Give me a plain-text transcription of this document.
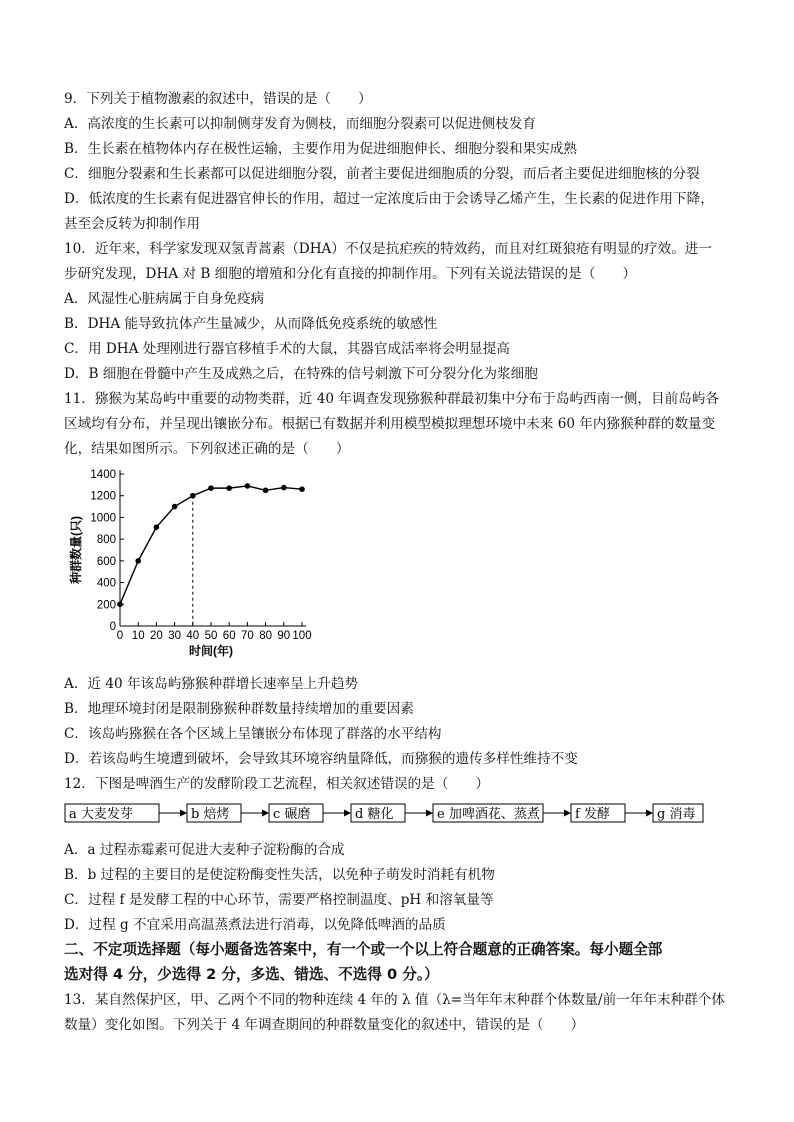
9．下列关于植物激素的叙述中，错误的是（　　）
A．高浓度的生长素可以抑制侧芽发育为侧枝，而细胞分裂素可以促进侧枝发育
B．生长素在植物体内存在极性运输，主要作用为促进细胞伸长、细胞分裂和果实成熟
C．细胞分裂素和生长素都可以促进细胞分裂，前者主要促进细胞质的分裂，而后者主要促进细胞核的分裂
D．低浓度的生长素有促进器官伸长的作用，超过一定浓度后由于会诱导乙烯产生，生长素的促进作用下降，
甚至会反转为抑制作用
10．近年来，科学家发现双氢青蒿素（DHA）不仅是抗疟疾的特效药，而且对红斑狼疮有明显的疗效。进一
步研究发现，DHA 对 B 细胞的增殖和分化有直接的抑制作用。下列有关说法错误的是（　　）
A．风湿性心脏病属于自身免疫病
B．DHA 能导致抗体产生量减少，从而降低免疫系统的敏感性
C．用 DHA 处理刚进行器官移植手术的大鼠，其器官成活率将会明显提高
D．B 细胞在骨髓中产生及成熟之后，在特殊的信号刺激下可分裂分化为浆细胞
11．猕猴为某岛屿中重要的动物类群，近 40 年调查发现猕猴种群最初集中分布于岛屿西南一侧，目前岛屿各
区域均有分布，并呈现出镶嵌分布。根据已有数据并利用模型模拟理想环境中未来 60 年内猕猴种群的数量变
化，结果如图所示。下列叙述正确的是（　　）
0
200
400
600
800
1000
1200
1400
0 10 20 30 40 50 60 70 80 90 100
时间(年)
种群数量(只)
A．近 40 年该岛屿猕猴种群增长速率呈上升趋势
B．地理环境封闭是限制猕猴种群数量持续增加的重要因素
C．该岛屿猕猴在各个区域上呈镶嵌分布体现了群落的水平结构
D．若该岛屿生境遭到破坏，会导致其环境容纳量降低，而猕猴的遗传多样性维持不变
12．下图是啤酒生产的发酵阶段工艺流程，相关叙述错误的是（　　）
a 大麦发芽	b 焙烤	c 碾磨	d 糖化	e 加啤酒花、蒸煮	f 发酵	g 消毒
A．a 过程赤霉素可促进大麦种子淀粉酶的合成
B．b 过程的主要目的是使淀粉酶变性失活，以免种子萌发时消耗有机物
C．过程 f 是发酵工程的中心环节，需要严格控制温度、pH 和溶氧量等
D．过程 g 不宜采用高温蒸煮法进行消毒，以免降低啤酒的品质
二、不定项选择题（每小题备选答案中，有一个或一个以上符合题意的正确答案。每小题全部
选对得 4 分，少选得 2 分，多选、错选、不选得 0 分。）
13．某自然保护区，甲、乙两个不同的物种连续 4 年的 λ 值（λ=当年年末种群个体数量/前一年年末种群个体
数量）变化如图。下列关于 4 年调查期间的种群数量变化的叙述中，错误的是（　　）
